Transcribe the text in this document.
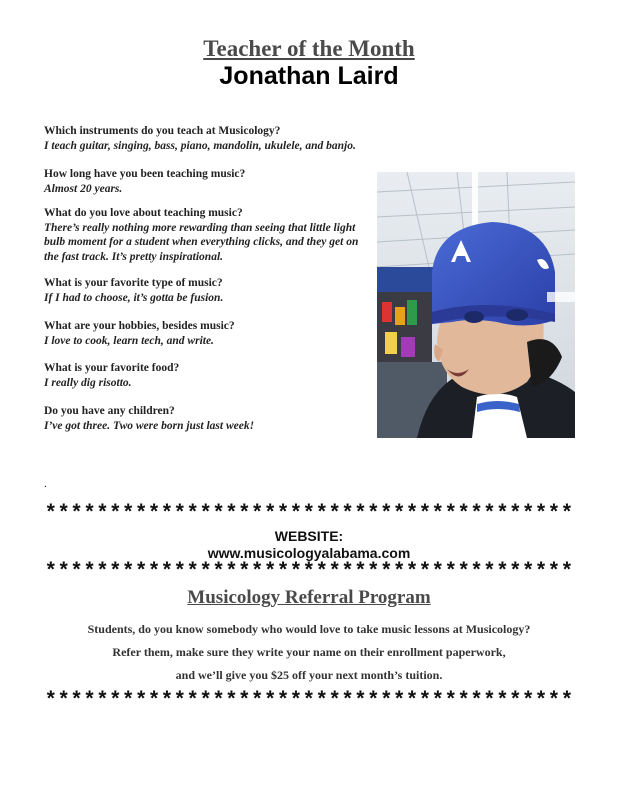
Teacher of the Month
Jonathan Laird
Which instruments do you teach at Musicology?
I teach guitar, singing, bass, piano, mandolin, ukulele, and banjo.
How long have you been teaching music?
Almost 20 years.
What do you love about teaching music?
There’s really nothing more rewarding than seeing that little light bulb moment for a student when everything clicks, and they get on the fast track. It’s pretty inspirational.
What is your favorite type of music?
If I had to choose, it’s gotta be fusion.
What are your hobbies, besides music?
I love to cook, learn tech, and write.
What is your favorite food?
I really dig risotto.
Do you have any children?
I’ve got three. Two were born just last week!
.
*****************************************
WEBSITE:
www.musicologyalabama.com
*****************************************
Musicology Referral Program
Students, do you know somebody who would love to take music lessons at Musicology?
Refer them, make sure they write your name on their enrollment paperwork,
and we’ll give you $25 off your next month’s tuition.
*****************************************
